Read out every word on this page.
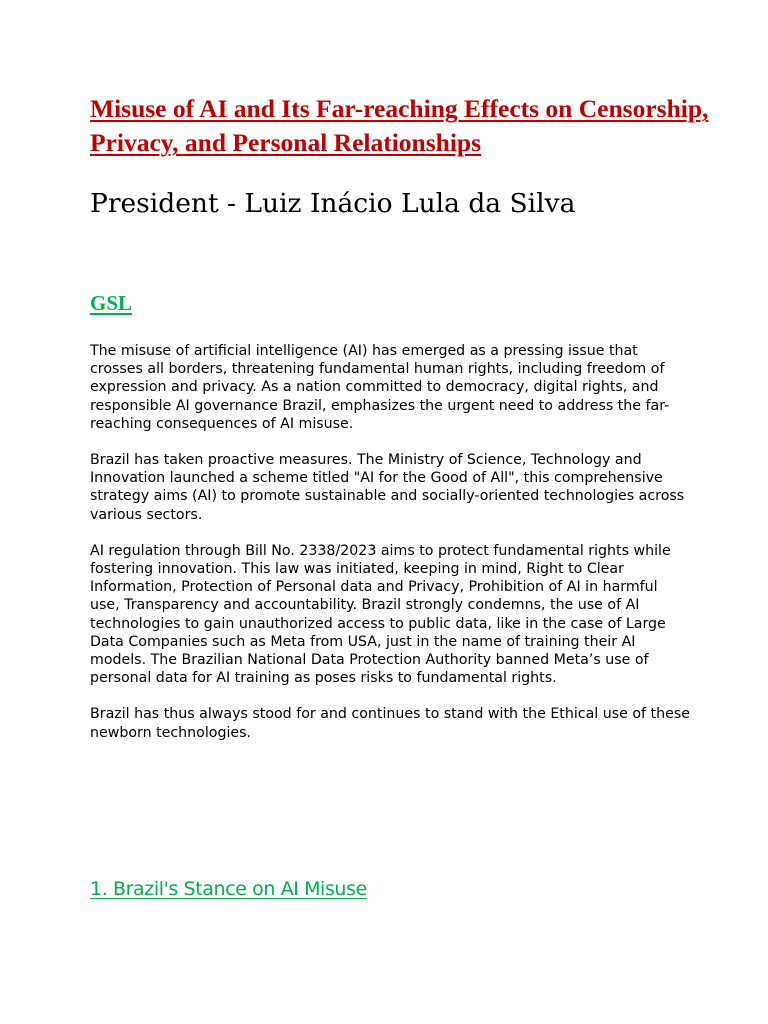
Misuse of AI and Its Far-reaching Effects on Censorship, Privacy, and Personal Relationships
President - Luiz Inácio Lula da Silva
GSL

The misuse of artificial intelligence (AI) has emerged as a pressing issue that crosses all borders, threatening fundamental human rights, including freedom of expression and privacy. As a nation committed to democracy, digital rights, and responsible AI governance Brazil, emphasizes the urgent need to address the far-reaching consequences of AI misuse.

Brazil has taken proactive measures. The Ministry of Science, Technology and Innovation launched a scheme titled "AI for the Good of All", this comprehensive strategy aims (AI) to promote sustainable and socially-oriented technologies across various sectors.

AI regulation through Bill No. 2338/2023 aims to protect fundamental rights while fostering innovation. This law was initiated, keeping in mind, Right to Clear Information, Protection of Personal data and Privacy, Prohibition of AI in harmful use, Transparency and accountability. Brazil strongly condemns, the use of AI technologies to gain unauthorized access to public data, like in the case of Large Data Companies such as Meta from USA, just in the name of training their AI models. The Brazilian National Data Protection Authority banned Meta’s use of personal data for AI training as poses risks to fundamental rights.

Brazil has thus always stood for and continues to stand with the Ethical use of these newborn technologies.

1. Brazil's Stance on AI Misuse
